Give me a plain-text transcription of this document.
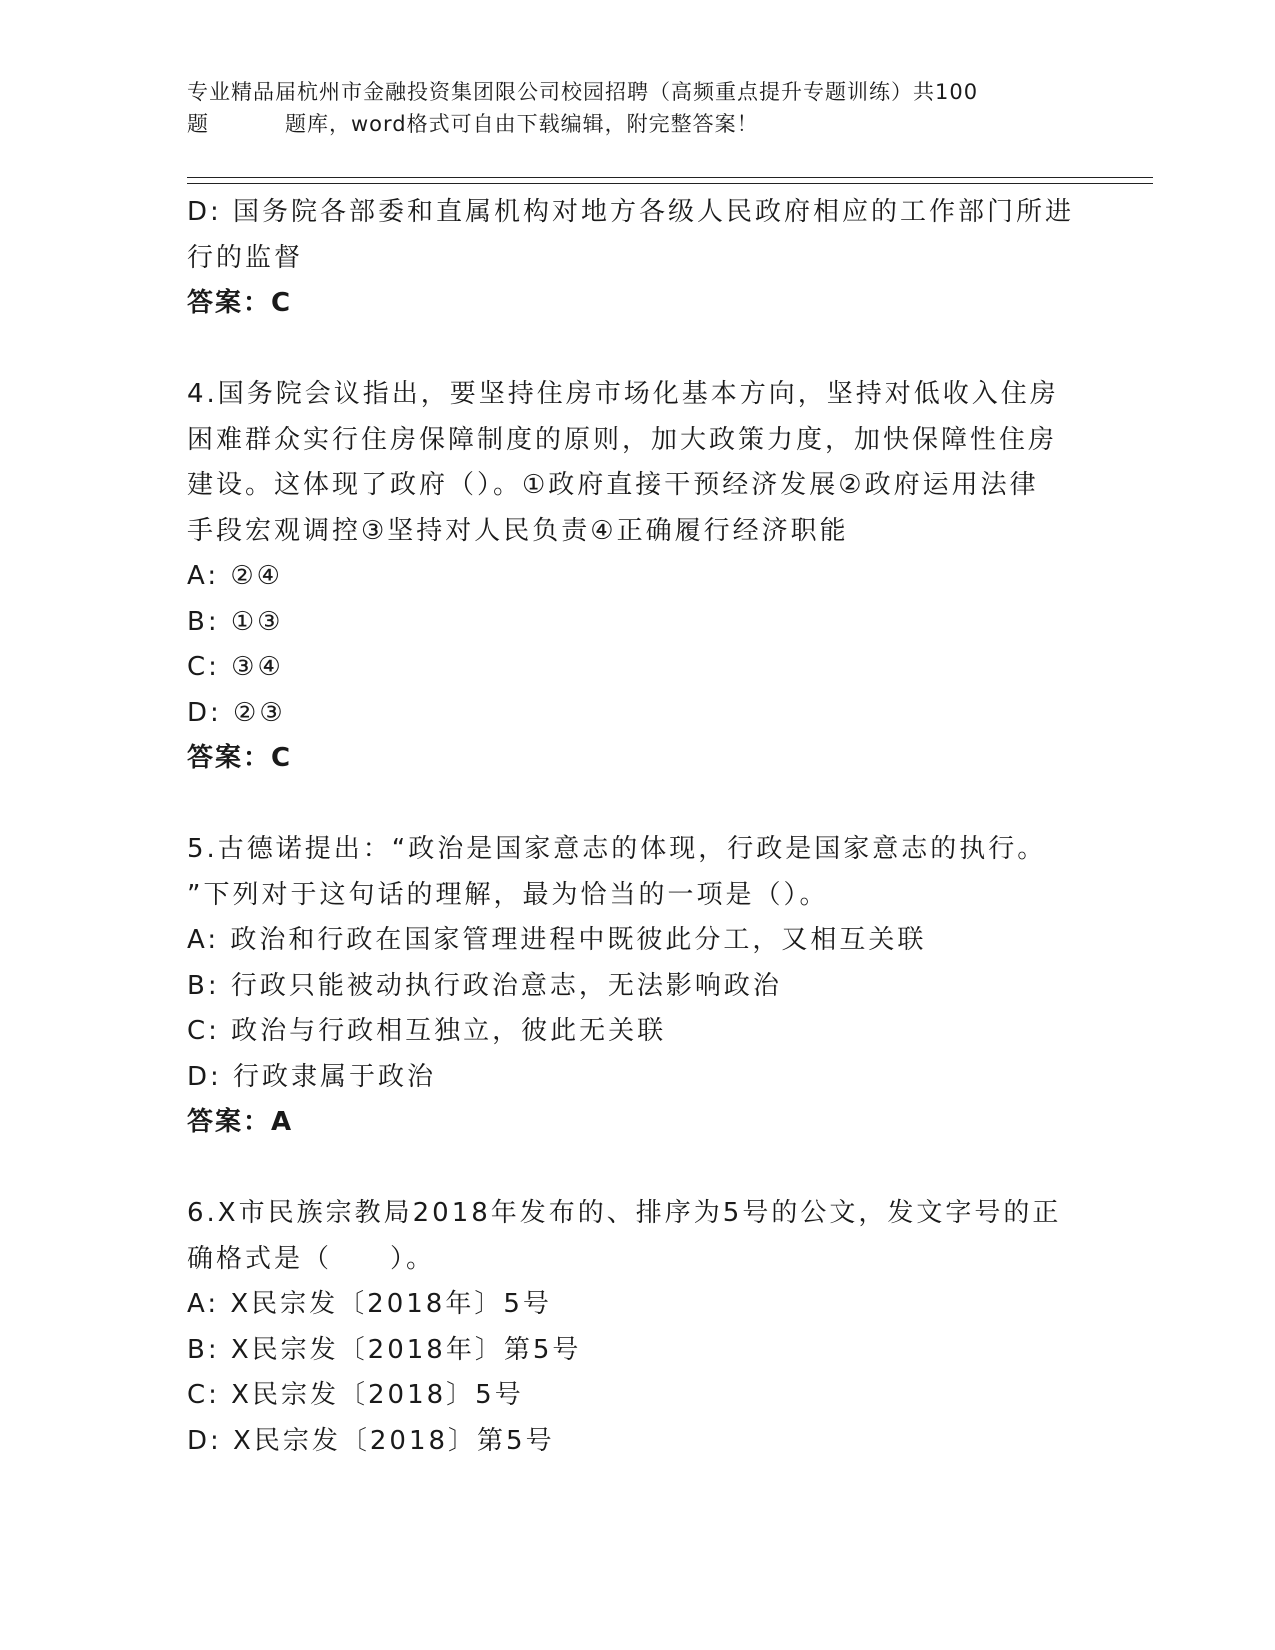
专业精品届杭州市金融投资集团限公司校园招聘（高频重点提升专题训练）共100
题	题库，word格式可自由下载编辑，附完整答案！

D: 国务院各部委和直属机构对地方各级人民政府相应的工作部门所进

行的监督

答案：C

4.国务院会议指出，要坚持住房市场化基本方向，坚持对低收入住房

困难群众实行住房保障制度的原则，加大政策力度，加快保障性住房

建设。这体现了政府（）。①政府直接干预经济发展②政府运用法律

手段宏观调控③坚持对人民负责④正确履行经济职能

A: ②④

B: ①③

C: ③④

D: ②③

答案：C

5.古德诺提出：“政治是国家意志的体现，行政是国家意志的执行。

”下列对于这句话的理解，最为恰当的一项是（）。

A: 政治和行政在国家管理进程中既彼此分工，又相互关联

B: 行政只能被动执行政治意志，无法影响政治

C: 政治与行政相互独立，彼此无关联

D: 行政隶属于政治

答案：A

6.X市民族宗教局2018年发布的、排序为5号的公文，发文字号的正

确格式是（　　）。

A: X民宗发〔2018年〕5号

B: X民宗发〔2018年〕第5号

C: X民宗发〔2018〕5号

D: X民宗发〔2018〕第5号
